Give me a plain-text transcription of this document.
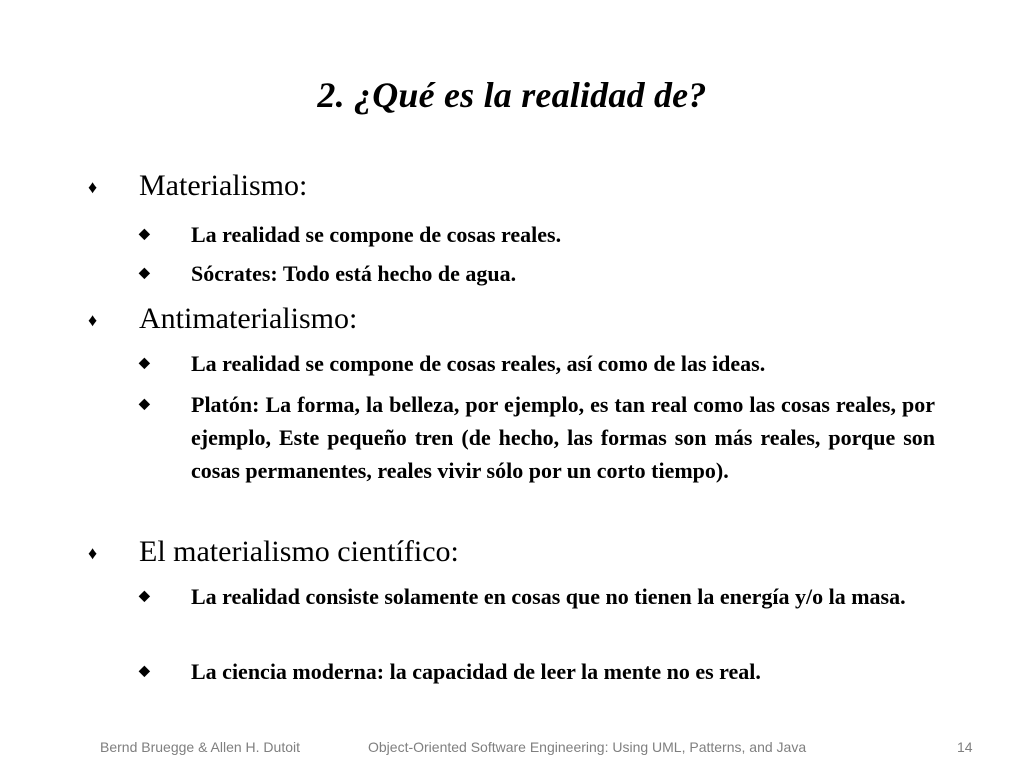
2. ¿Qué es la realidad de?
♦ Materialismo:
◆ La realidad se compone de cosas reales.
◆ Sócrates: Todo está hecho de agua.
♦ Antimaterialismo:
◆ La realidad se compone de cosas reales, así como de las ideas.
◆ Platón: La forma, la belleza, por ejemplo, es tan real como las cosas reales, por ejemplo, Este pequeño tren (de hecho, las formas son más reales, porque son cosas permanentes, reales vivir sólo por un corto tiempo).
♦ El materialismo científico:
◆ La realidad consiste solamente en cosas que no tienen la energía y/o la masa.
◆ La ciencia moderna: la capacidad de leer la mente no es real.
Bernd Bruegge & Allen H. Dutoit	Object-Oriented Software Engineering: Using UML, Patterns, and Java	14
